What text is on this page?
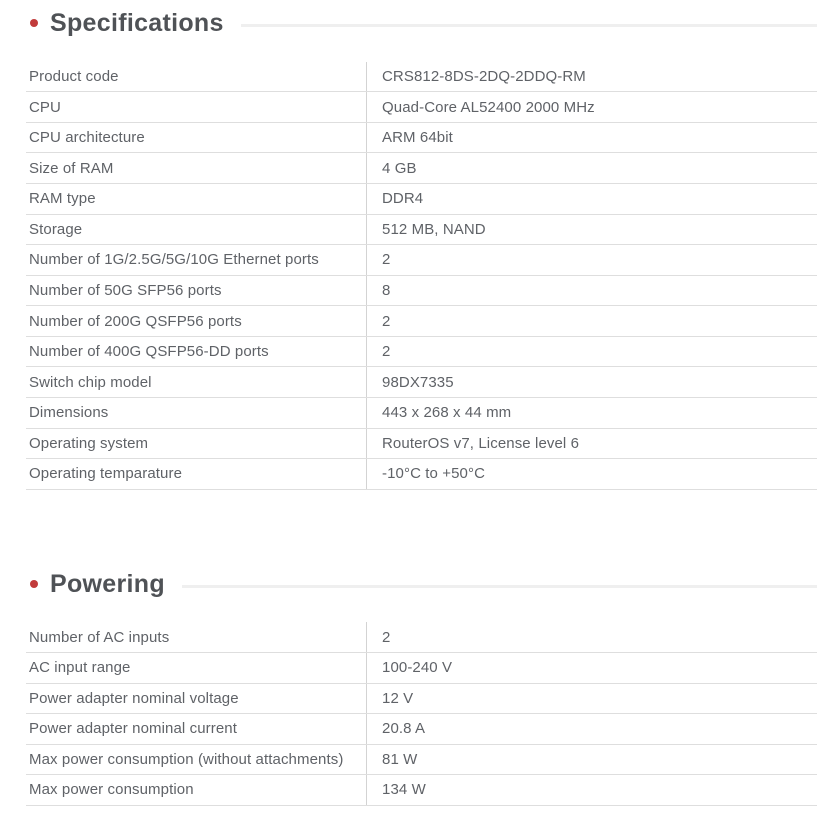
Specifications
Product code	CRS812-8DS-2DQ-2DDQ-RM
CPU	Quad-Core AL52400 2000 MHz
CPU architecture	ARM 64bit
Size of RAM	4 GB
RAM type	DDR4
Storage	512 MB, NAND
Number of 1G/2.5G/5G/10G Ethernet ports	2
Number of 50G SFP56 ports	8
Number of 200G QSFP56 ports	2
Number of 400G QSFP56-DD ports	2
Switch chip model	98DX7335
Dimensions	443 x 268 x 44 mm
Operating system	RouterOS v7, License level 6
Operating temparature	-10°C to +50°C
Powering
Number of AC inputs	2
AC input range	100-240 V
Power adapter nominal voltage	12 V
Power adapter nominal current	20.8 A
Max power consumption (without attachments)	81 W
Max power consumption	134 W
